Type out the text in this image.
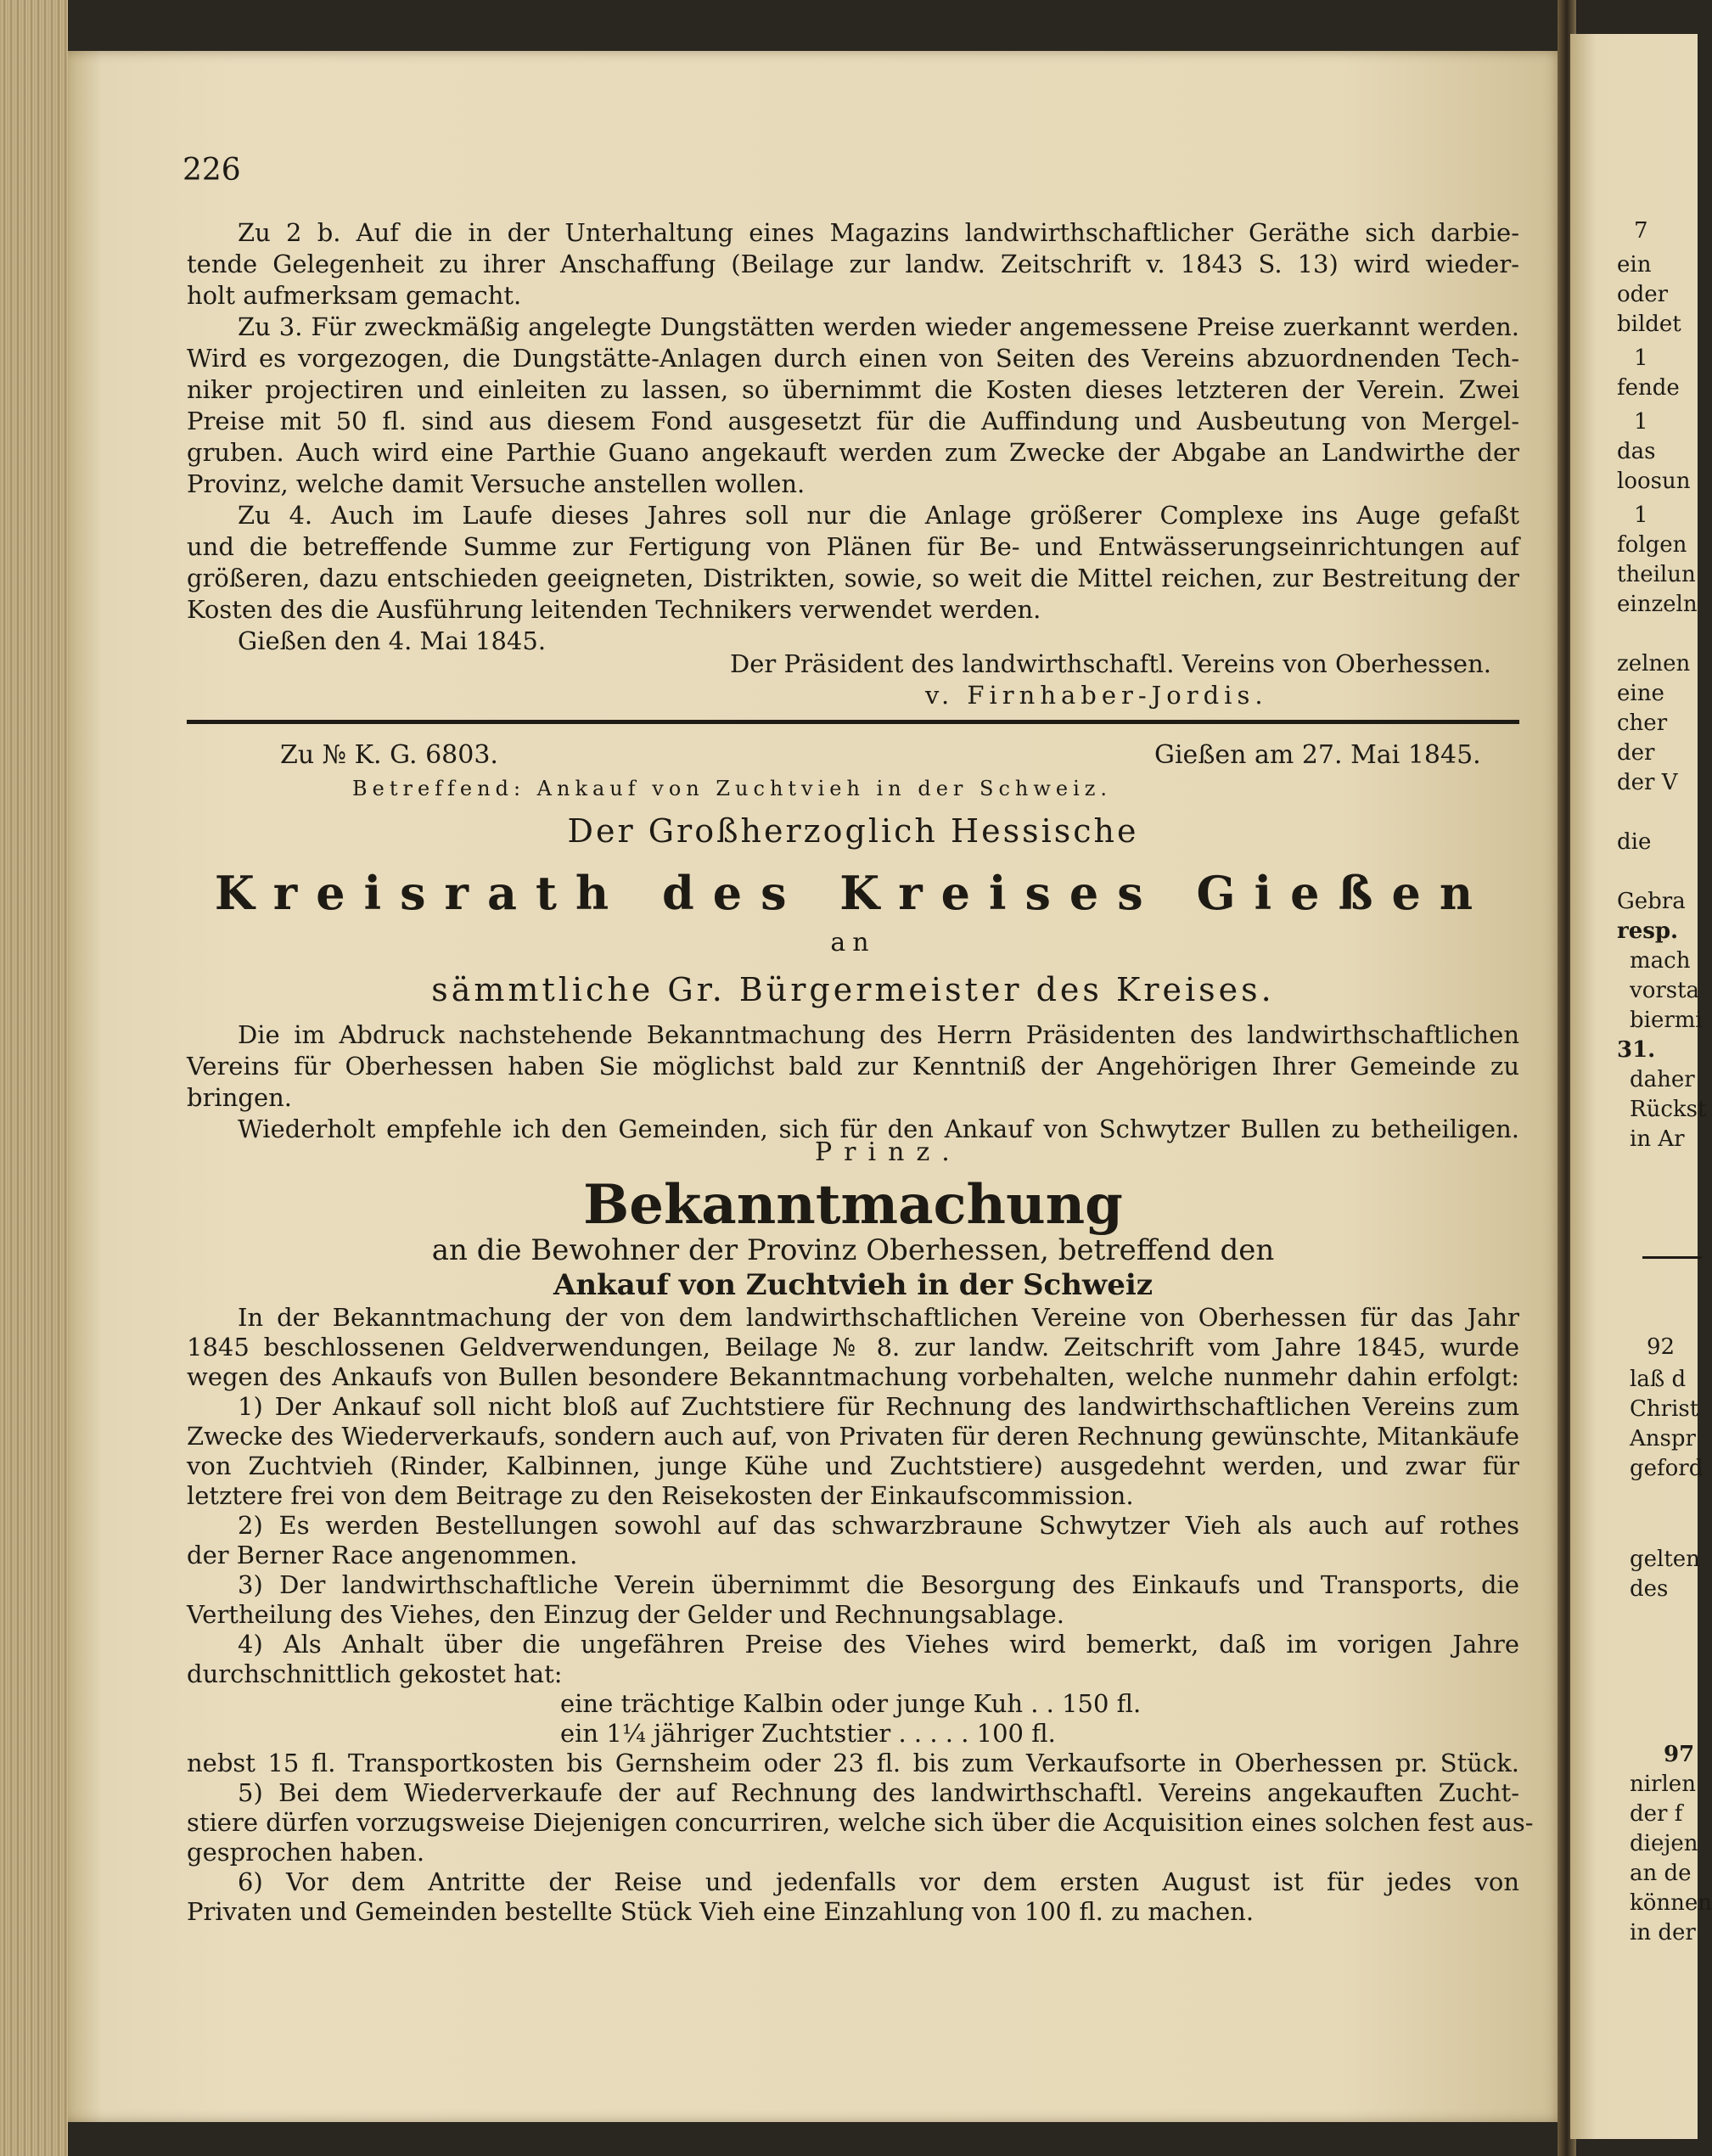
226
Zu 2 b. Auf die in der Unterhaltung eines Magazins landwirthschaftlicher Geräthe sich darbie-
tende Gelegenheit zu ihrer Anschaffung (Beilage zur landw. Zeitschrift v. 1843 S. 13) wird wieder-
holt aufmerksam gemacht.
Zu 3. Für zweckmäßig angelegte Dungstätten werden wieder angemessene Preise zuerkannt werden.
Wird es vorgezogen, die Dungstätte-Anlagen durch einen von Seiten des Vereins abzuordnenden Tech-
niker projectiren und einleiten zu lassen, so übernimmt die Kosten dieses letzteren der Verein. Zwei
Preise mit 50 fl. sind aus diesem Fond ausgesetzt für die Auffindung und Ausbeutung von Mergel-
gruben. Auch wird eine Parthie Guano angekauft werden zum Zwecke der Abgabe an Landwirthe der
Provinz, welche damit Versuche anstellen wollen.
Zu 4. Auch im Laufe dieses Jahres soll nur die Anlage größerer Complexe ins Auge gefaßt
und die betreffende Summe zur Fertigung von Plänen für Be- und Entwässerungseinrichtungen auf
größeren, dazu entschieden geeigneten, Distrikten, sowie, so weit die Mittel reichen, zur Bestreitung der
Kosten des die Ausführung leitenden Technikers verwendet werden.
Gießen den 4. Mai 1845.
Der Präsident des landwirthschaftl. Vereins von Oberhessen.
v. Firnhaber-Jordis.
Zu № K. G. 6803.	Gießen am 27. Mai 1845.
Betreffend: Ankauf von Zuchtvieh in der Schweiz.
Der Großherzoglich Hessische
Kreisrath des Kreises Gießen
an
sämmtliche Gr. Bürgermeister des Kreises.
Die im Abdruck nachstehende Bekanntmachung des Herrn Präsidenten des landwirthschaftlichen
Vereins für Oberhessen haben Sie möglichst bald zur Kenntniß der Angehörigen Ihrer Gemeinde zu
bringen.
Wiederholt empfehle ich den Gemeinden, sich für den Ankauf von Schwytzer Bullen zu betheiligen.
Prinz.
Bekanntmachung
an die Bewohner der Provinz Oberhessen, betreffend den
Ankauf von Zuchtvieh in der Schweiz
In der Bekanntmachung der von dem landwirthschaftlichen Vereine von Oberhessen für das Jahr
1845 beschlossenen Geldverwendungen, Beilage № 8. zur landw. Zeitschrift vom Jahre 1845, wurde
wegen des Ankaufs von Bullen besondere Bekanntmachung vorbehalten, welche nunmehr dahin erfolgt:
1) Der Ankauf soll nicht bloß auf Zuchtstiere für Rechnung des landwirthschaftlichen Vereins zum
Zwecke des Wiederverkaufs, sondern auch auf, von Privaten für deren Rechnung gewünschte, Mitankäufe
von Zuchtvieh (Rinder, Kalbinnen, junge Kühe und Zuchtstiere) ausgedehnt werden, und zwar für
letztere frei von dem Beitrage zu den Reisekosten der Einkaufscommission.
2) Es werden Bestellungen sowohl auf das schwarzbraune Schwytzer Vieh als auch auf rothes
der Berner Race angenommen.
3) Der landwirthschaftliche Verein übernimmt die Besorgung des Einkaufs und Transports, die
Vertheilung des Viehes, den Einzug der Gelder und Rechnungsablage.
4) Als Anhalt über die ungefähren Preise des Viehes wird bemerkt, daß im vorigen Jahre
durchschnittlich gekostet hat:
eine trächtige Kalbin oder junge Kuh . . 150 fl.
ein 1¼ jähriger Zuchtstier . . . . . 100 fl.
nebst 15 fl. Transportkosten bis Gernsheim oder 23 fl. bis zum Verkaufsorte in Oberhessen pr. Stück.
5) Bei dem Wiederverkaufe der auf Rechnung des landwirthschaftl. Vereins angekauften Zucht-
stiere dürfen vorzugsweise Diejenigen concurriren, welche sich über die Acquisition eines solchen fest aus-
gesprochen haben.
6) Vor dem Antritte der Reise und jedenfalls vor dem ersten August ist für jedes von
Privaten und Gemeinden bestellte Stück Vieh eine Einzahlung von 100 fl. zu machen.
7
ein
oder
bildet
1
fende
1
das
loosun
1
folgen
theilun
einzeln
zelnen
eine
cher
der
der V
die
Gebra
resp.
mach
vorsta
biermi
31.
daher
Rückst
in Ar
92
laß d
Christ
Anspr
geford
gelten
des
97
nirlen
der f
diejen
an de
können
in der
